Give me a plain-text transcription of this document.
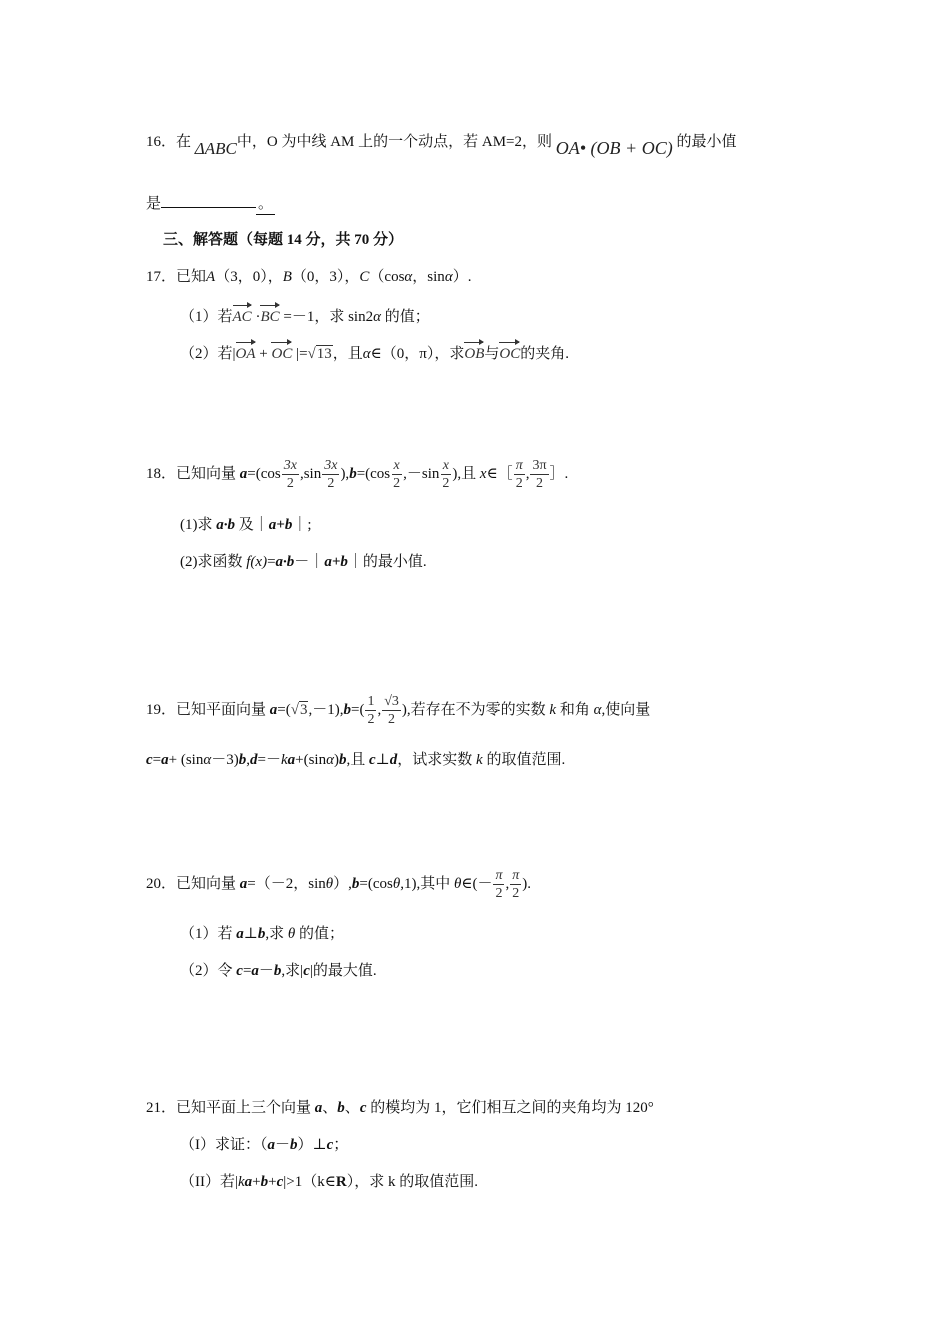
16．在 ΔABC中，O 为中线 AM 上的一个动点，若 AM=2，则 OA• (OB + OC) 的最小值
是	。
三、解答题（每题 14 分，共 70 分）
17．已知A（3，0），B（0，3），C（cosα，sinα）.
（1）若AC ·BC =－1，求 sin2α 的值；
（2）若|OA + OC |=√13，且α∈（0，π），求OB与OC的夹角.
18．已知向量 $a=(\cos \frac{3x}{2} ,\sin \frac{3x}{2} ),b=(\cos \frac{x}{2} ,-\sin \frac{x}{2}$ ),且 x∈［ $\frac{\pi}{2}$ , $\frac{3\pi}{2}$ ］.
(1)求 a·b 及｜a+b｜;
(2)求函数 f(x)=a·b－｜a+b｜的最小值.
19．已知平面向量 $a=(√3,-1),b=( \frac{1}{2}$ , $\frac{√3}{2}$ ),若存在不为零的实数 k 和角 α,使向量
c=a+ (sinα－3)b,d=－ka+(sinα)b,且 c⊥d，试求实数 k 的取值范围.
20．已知向量 a=（－2，sinθ）,b=(cosθ,1),其中 θ∈(－ $\frac{\pi}{2}$ , $\frac{\pi}{2}$ ).
（1）若 a⊥b,求 θ 的值；
（2）令 c=a－b,求|c|的最大值.
21．已知平面上三个向量 a、b、c 的模均为 1，它们相互之间的夹角均为 120°
（I）求证：（a－b）⊥c；
（II）若|ka+b+c|>1（k∈R），求 k 的取值范围.
